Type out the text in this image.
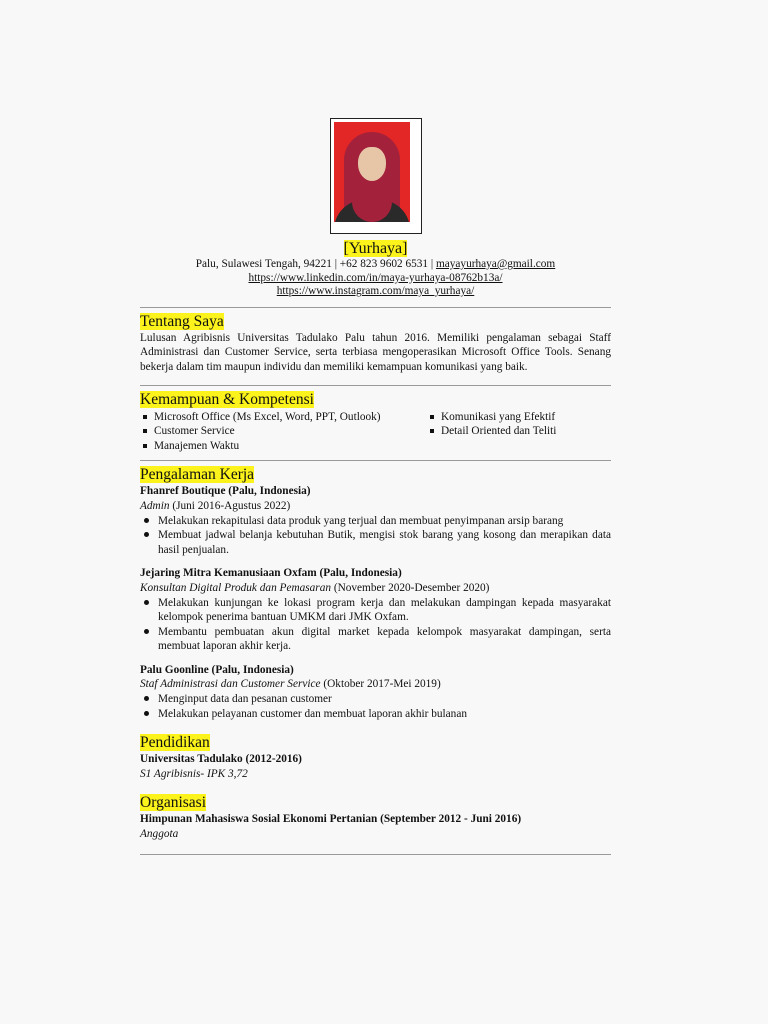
[Yurhaya]
Palu, Sulawesi Tengah, 94221 | +62 823 9602 6531 | mayayurhaya@gmail.com
https://www.linkedin.com/in/maya-yurhaya-08762b13a/
https://www.instagram.com/maya_yurhaya/
Tentang Saya
Lulusan Agribisnis Universitas Tadulako Palu tahun 2016. Memiliki pengalaman sebagai Staff Administrasi dan Customer Service, serta terbiasa mengoperasikan Microsoft Office Tools. Senang bekerja dalam tim maupun individu dan memiliki kemampuan komunikasi yang baik.
Kemampuan & Kompetensi
Microsoft Office (Ms Excel, Word, PPT, Outlook)
Customer Service
Manajemen Waktu
Komunikasi yang Efektif
Detail Oriented dan Teliti
Pengalaman Kerja
Fhanref Boutique (Palu, Indonesia)
Admin (Juni 2016-Agustus 2022)
Melakukan rekapitulasi data produk yang terjual dan membuat penyimpanan arsip barang
Membuat jadwal belanja kebutuhan Butik, mengisi stok barang yang kosong dan merapikan data hasil penjualan.
Jejaring Mitra Kemanusiaan Oxfam (Palu, Indonesia)
Konsultan Digital Produk dan Pemasaran (November 2020-Desember 2020)
Melakukan kunjungan ke lokasi program kerja dan melakukan dampingan kepada masyarakat kelompok penerima bantuan UMKM dari JMK Oxfam.
Membantu pembuatan akun digital market kepada kelompok masyarakat dampingan, serta membuat laporan akhir kerja.
Palu Goonline (Palu, Indonesia)
Staf Administrasi dan Customer Service (Oktober 2017-Mei 2019)
Menginput data dan pesanan customer
Melakukan pelayanan customer dan membuat laporan akhir bulanan
Pendidikan
Universitas Tadulako (2012-2016)
S1 Agribisnis- IPK 3,72
Organisasi
Himpunan Mahasiswa Sosial Ekonomi Pertanian (September 2012 - Juni 2016)
Anggota
